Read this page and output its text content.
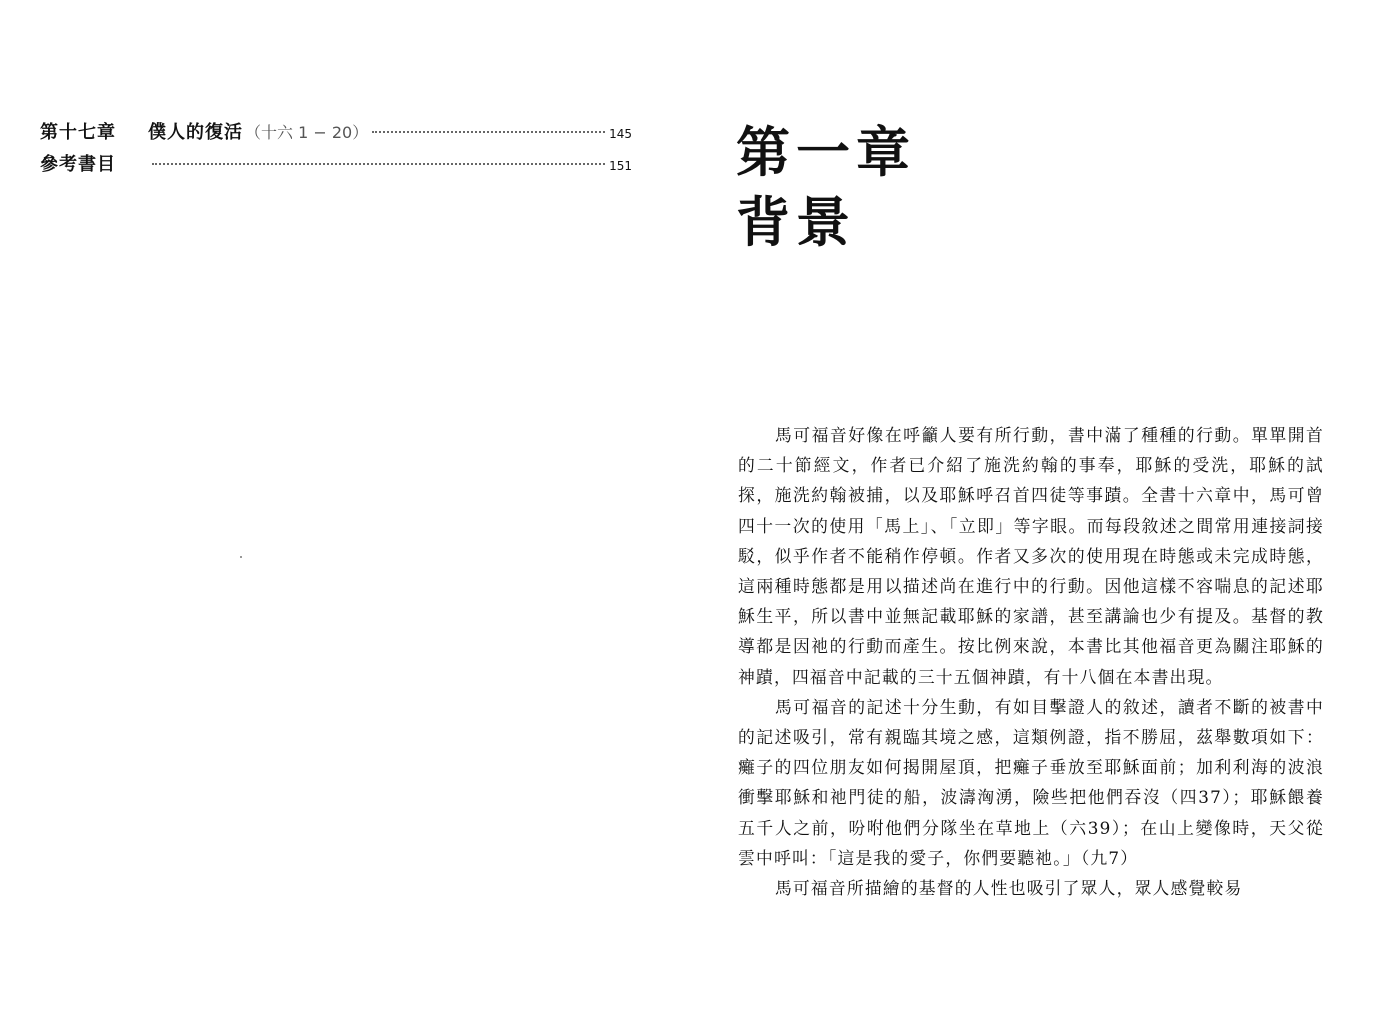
第十七章	僕人的復活 （十六 1 − 20）	145
參考書目	151 第一章
背景

馬可福音好像在呼籲人要有所行動，書中滿了種種的行動。單單開首的二十節經文，作者已介紹了施洗約翰的事奉，耶穌的受洗，耶穌的試探，施洗約翰被捕，以及耶穌呼召首四徒等事蹟。全書十六章中，馬可曾四十一次的使用「馬上」、「立即」等字眼。而每段敘述之間常用連接詞接駁，似乎作者不能稍作停頓。作者又多次的使用現在時態或未完成時態，這兩種時態都是用以描述尚在進行中的行動。因他這樣不容喘息的記述耶穌生平，所以書中並無記載耶穌的家譜，甚至講論也少有提及。基督的教導都是因祂的行動而產生。按比例來說，本書比其他福音更為關注耶穌的神蹟，四福音中記載的三十五個神蹟，有十八個在本書出現。

馬可福音的記述十分生動，有如目擊證人的敘述，讀者不斷的被書中的記述吸引，常有親臨其境之感，這類例證，指不勝屈，茲舉數項如下：癱子的四位朋友如何揭開屋頂，把癱子垂放至耶穌面前；加利利海的波浪衝擊耶穌和祂門徒的船，波濤洶湧，險些把他們吞沒（四37）；耶穌餵養五千人之前，吩咐他們分隊坐在草地上（六39）；在山上變像時，天父從雲中呼叫：「這是我的愛子，你們要聽祂。」（九7）

馬可福音所描繪的基督的人性也吸引了眾人，眾人感覺較易
